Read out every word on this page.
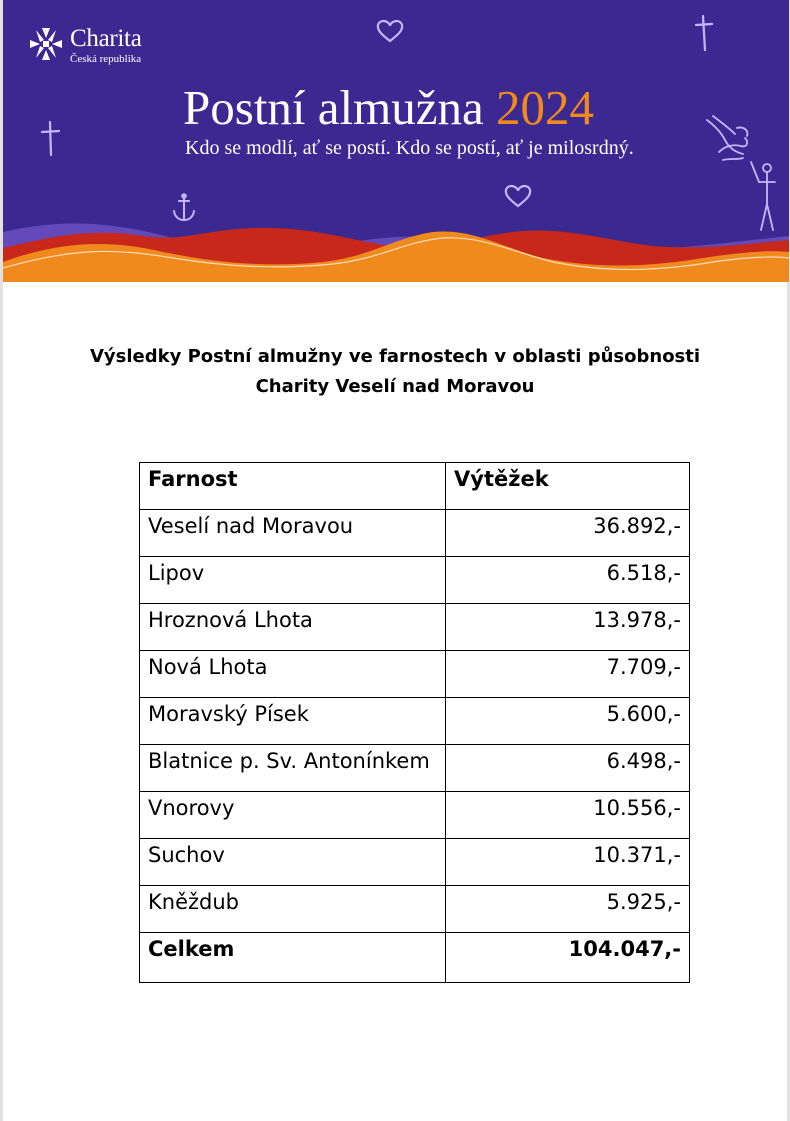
Charita
Česká republika
Postní almužna 2024

Kdo se modlí, ať se postí. Kdo se postí, ať je milosrdný.

Výsledky Postní almužny ve farnostech v oblasti působnosti
Charity Veselí nad Moravou
Farnost	Výtěžek
Veselí nad Moravou	36.892,-
Lipov	6.518,-
Hroznová Lhota	13.978,-
Nová Lhota	7.709,-
Moravský Písek	5.600,-
Blatnice p. Sv. Antonínkem	6.498,-
Vnorovy	10.556,-
Suchov	10.371,-
Kněždub	5.925,-
Celkem	104.047,-
